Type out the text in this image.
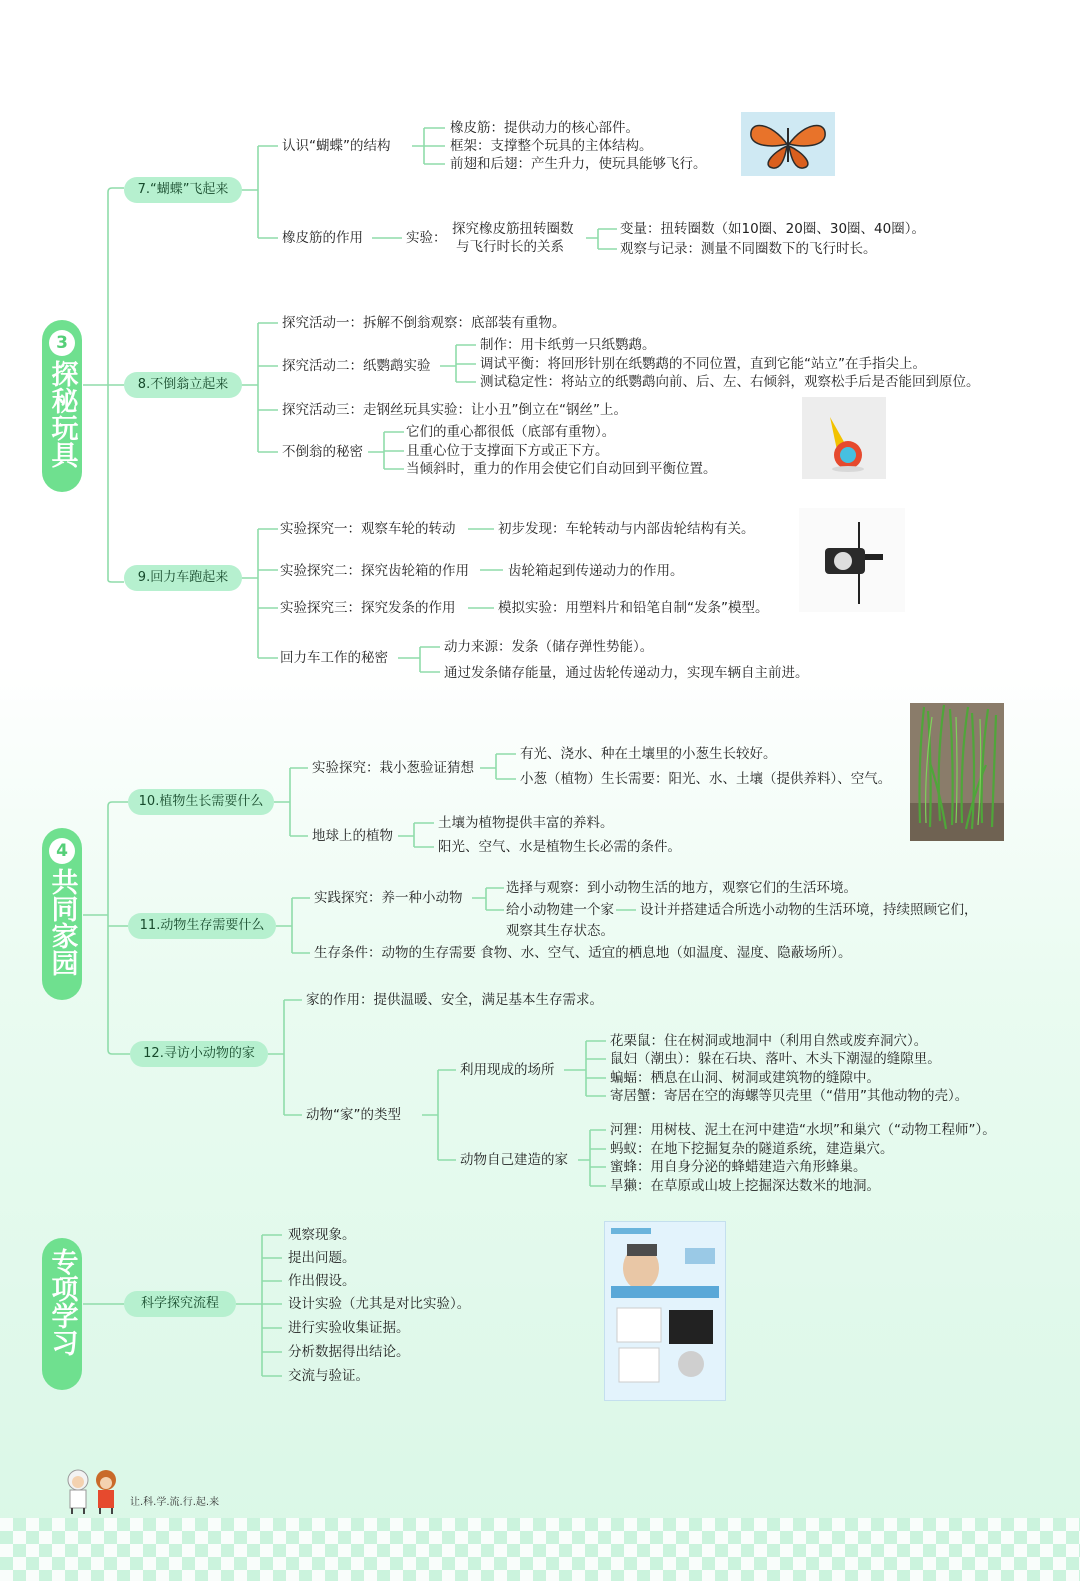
3
探秘玩具
4
共同家园
专项学习
7.“蝴蝶”飞起来
8.不倒翁立起来
9.回力车跑起来
10.植物生长需要什么
11.动物生存需要什么
12.寻访小动物的家
科学探究流程
认识“蝴蝶”的结构
橡皮筋：提供动力的核心部件。
框架：支撑整个玩具的主体结构。
前翅和后翅：产生升力，使玩具能够飞行。
橡皮筋的作用	实验：
探究橡皮筋扭转圈数
与飞行时长的关系
变量：扭转圈数（如10圈、20圈、30圈、40圈）。
观察与记录：测量不同圈数下的飞行时长。
探究活动一：拆解不倒翁观察：底部装有重物。
探究活动二：纸鹦鹉实验
制作：用卡纸剪一只纸鹦鹉。
调试平衡：将回形针别在纸鹦鹉的不同位置，直到它能“站立”在手指尖上。
测试稳定性：将站立的纸鹦鹉向前、后、左、右倾斜，观察松手后是否能回到原位。
探究活动三：走钢丝玩具实验：让小丑”倒立在“钢丝”上。
不倒翁的秘密
它们的重心都很低（底部有重物）。
且重心位于支撑面下方或正下方。
当倾斜时，重力的作用会使它们自动回到平衡位置。
实验探究一：观察车轮的转动	初步发现：车轮转动与内部齿轮结构有关。
实验探究二：探究齿轮箱的作用	齿轮箱起到传递动力的作用。
实验探究三：探究发条的作用	模拟实验：用塑料片和铅笔自制“发条”模型。
回力车工作的秘密
动力来源：发条（储存弹性势能）。
通过发条储存能量，通过齿轮传递动力，实现车辆自主前进。
实验探究：栽小葱验证猜想
有光、浇水、种在土壤里的小葱生长较好。
小葱（植物）生长需要：阳光、水、土壤（提供养料）、空气。
地球上的植物
土壤为植物提供丰富的养料。
阳光、空气、水是植物生长必需的条件。
实践探究：养一种小动物
选择与观察：到小动物生活的地方，观察它们的生活环境。
给小动物建一个家 设计并搭建适合所选小动物的生活环境，持续照顾它们，
观察其生存状态。
生存条件：动物的生存需要 食物、水、空气、适宜的栖息地（如温度、湿度、隐蔽场所）。
家的作用：提供温暖、安全，满足基本生存需求。
动物“家”的类型
利用现成的场所
花栗鼠：住在树洞或地洞中（利用自然或废弃洞穴）。
鼠妇（潮虫）：躲在石块、落叶、木头下潮湿的缝隙里。
蝙蝠：栖息在山洞、树洞或建筑物的缝隙中。
寄居蟹：寄居在空的海螺等贝壳里（“借用”其他动物的壳）。
动物自己建造的家
河狸：用树枝、泥土在河中建造“水坝”和巢穴（“动物工程师”）。
蚂蚁：在地下挖掘复杂的隧道系统，建造巢穴。
蜜蜂：用自身分泌的蜂蜡建造六角形蜂巢。
旱獭：在草原或山坡上挖掘深达数米的地洞。
观察现象。
提出问题。
作出假设。
设计实验（尤其是对比实验）。
进行实验收集证据。
分析数据得出结论。
交流与验证。
让.科.学.流.行.起.来
